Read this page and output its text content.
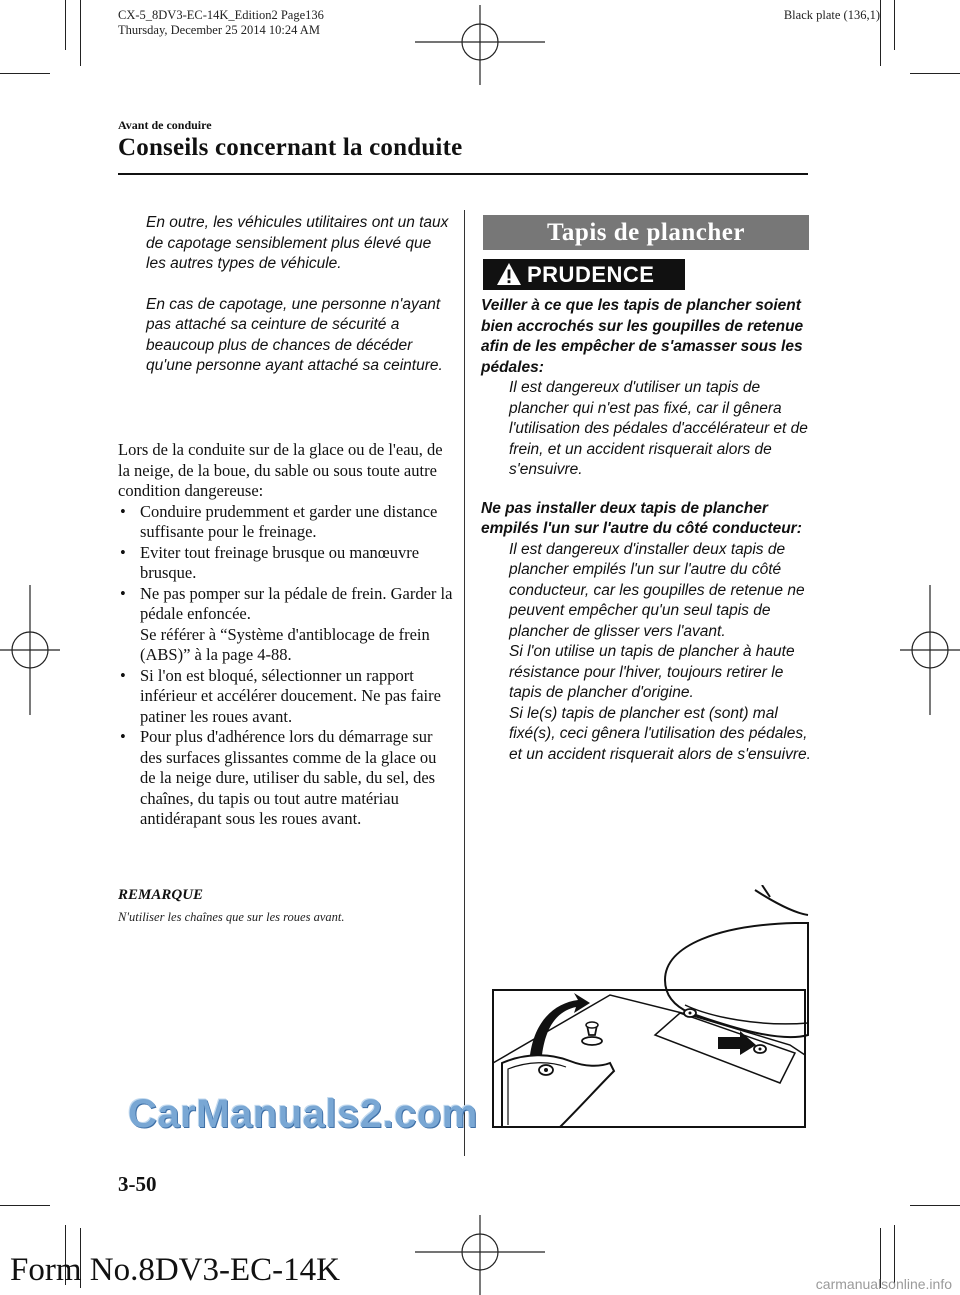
CX-5_8DV3-EC-14K_Edition2 Page136
Thursday, December 25 2014 10:24 AM
Black plate (136,1)
Avant de conduire
Conseils concernant la conduite

En outre, les véhicules utilitaires ont un taux de capotage sensiblement plus élevé que les autres types de véhicule.

En cas de capotage, une personne n'ayant pas attaché sa ceinture de sécurité a beaucoup plus de chances de décéder qu'une personne ayant attaché sa ceinture.

Lors de la conduite sur de la glace ou de l'eau, de la neige, de la boue, du sable ou sous toute autre condition dangereuse:

• Conduire prudemment et garder une distance suffisante pour le freinage.
• Eviter tout freinage brusque ou manœuvre brusque.
• Ne pas pomper sur la pédale de frein. Garder la pédale enfoncée.
Se référer à “Système d'antiblocage de frein (ABS)” à la page 4-88.
• Si l'on est bloqué, sélectionner un rapport inférieur et accélérer doucement. Ne pas faire patiner les roues avant.
• Pour plus d'adhérence lors du démarrage sur des surfaces glissantes comme de la glace ou de la neige dure, utiliser du sable, du sel, des chaînes, du tapis ou tout autre matériau antidérapant sous les roues avant.
REMARQUE
N'utiliser les chaînes que sur les roues avant.
Tapis de plancher
PRUDENCE
Veiller à ce que les tapis de plancher soient bien accrochés sur les goupilles de retenue afin de les empêcher de s'amasser sous les pédales:

Il est dangereux d'utiliser un tapis de plancher qui n'est pas fixé, car il gênera l'utilisation des pédales d'accélérateur et de frein, et un accident risquerait alors de s'ensuivre.

Ne pas installer deux tapis de plancher empilés l'un sur l'autre du côté conducteur:
Il est dangereux d'installer deux tapis de plancher empilés l'un sur l'autre du côté conducteur, car les goupilles de retenue ne peuvent empêcher qu'un seul tapis de plancher de glisser vers l'avant.
Si l'on utilise un tapis de plancher à haute résistance pour l'hiver, toujours retirer le tapis de plancher d'origine.
Si le(s) tapis de plancher est (sont) mal fixé(s), ceci gênera l'utilisation des pédales, et un accident risquerait alors de s'ensuivre.
CarManuals2.com
3-50
Form No.8DV3-EC-14K	carmanualsonline.info
